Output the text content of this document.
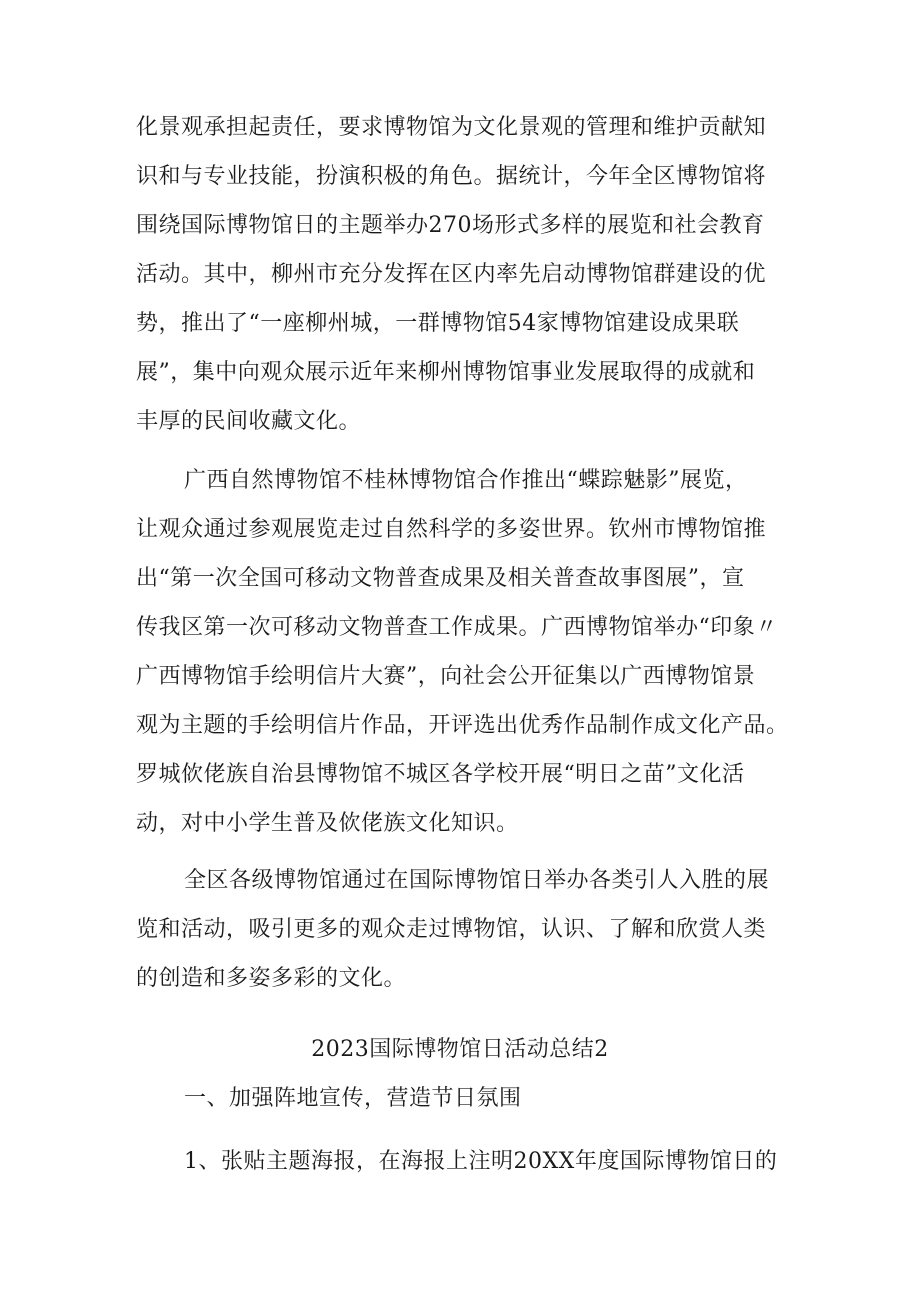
化景观承担起责任，要求博物馆为文化景观的管理和维护贡献知
识和与专业技能，扮演积极的角色。据统计，今年全区博物馆将
围绕国际博物馆日的主题举办270场形式多样的展览和社会教育
活动。其中，柳州市充分发挥在区内率先启动博物馆群建设的优
势，推出了“一座柳州城，一群博物馆54家博物馆建设成果联
展”，集中向观众展示近年来柳州博物馆事业发展取得的成就和
丰厚的民间收藏文化。
广西自然博物馆不桂林博物馆合作推出“蝶踪魅影”展览，
让观众通过参观展览走过自然科学的多姿世界。钦州市博物馆推
出“第一次全国可移动文物普查成果及相关普查故事图展”，宣
传我区第一次可移动文物普查工作成果。广西博物馆举办“印象〃
广西博物馆手绘明信片大赛”，向社会公开征集以广西博物馆景
观为主题的手绘明信片作品，开评选出优秀作品制作成文化产品。
罗城佽佬族自治县博物馆不城区各学校开展“明日之苗”文化活
动，对中小学生普及佽佬族文化知识。
全区各级博物馆通过在国际博物馆日举办各类引人入胜的展
览和活动，吸引更多的观众走过博物馆，认识、了解和欣赏人类
的创造和多姿多彩的文化。
2023国际博物馆日活动总结2
一、加强阵地宣传，营造节日氛围
1、张贴主题海报，在海报上注明20XX年度国际博物馆日的
